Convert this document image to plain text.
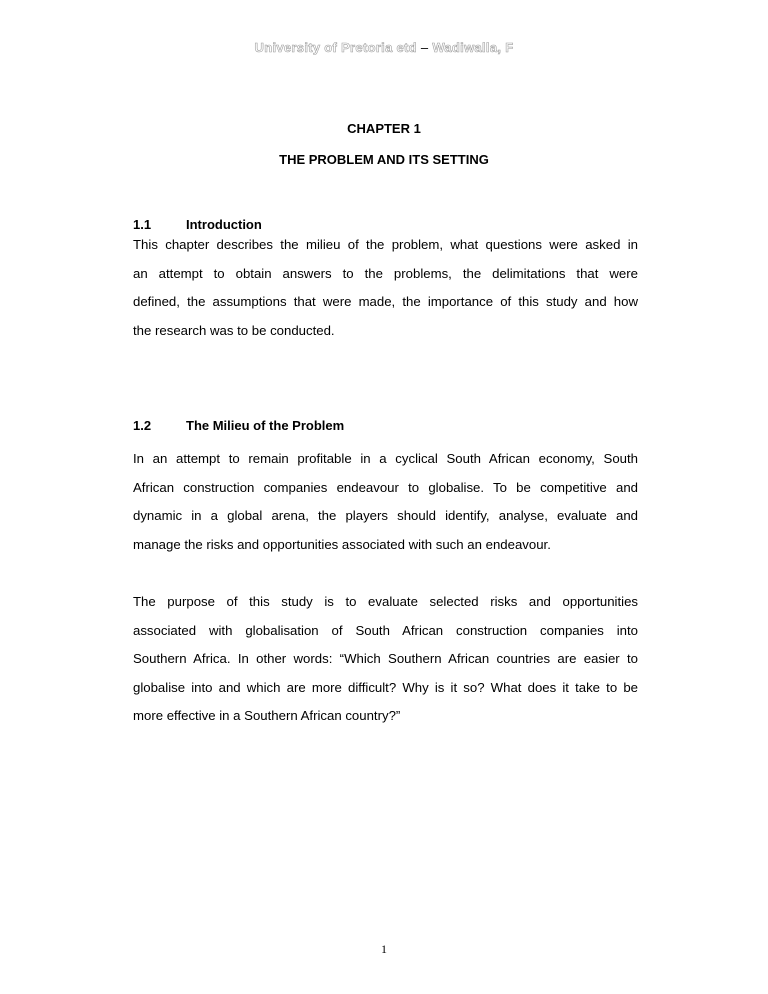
University of Pretoria etd – Wadiwalla, F
CHAPTER 1
THE PROBLEM AND ITS SETTING
1.1	Introduction
This chapter describes the milieu of the problem, what questions were asked in
an attempt to obtain answers to the problems, the delimitations that were
defined, the assumptions that were made, the importance of this study and how
the research was to be conducted.
1.2	The Milieu of the Problem
In an attempt to remain profitable in a cyclical South African economy, South
African construction companies endeavour to globalise. To be competitive and
dynamic in a global arena, the players should identify, analyse, evaluate and
manage the risks and opportunities associated with such an endeavour.
The purpose of this study is to evaluate selected risks and opportunities
associated with globalisation of South African construction companies into
Southern Africa. In other words: “Which Southern African countries are easier to
globalise into and which are more difficult? Why is it so? What does it take to be
more effective in a Southern African country?”
1
